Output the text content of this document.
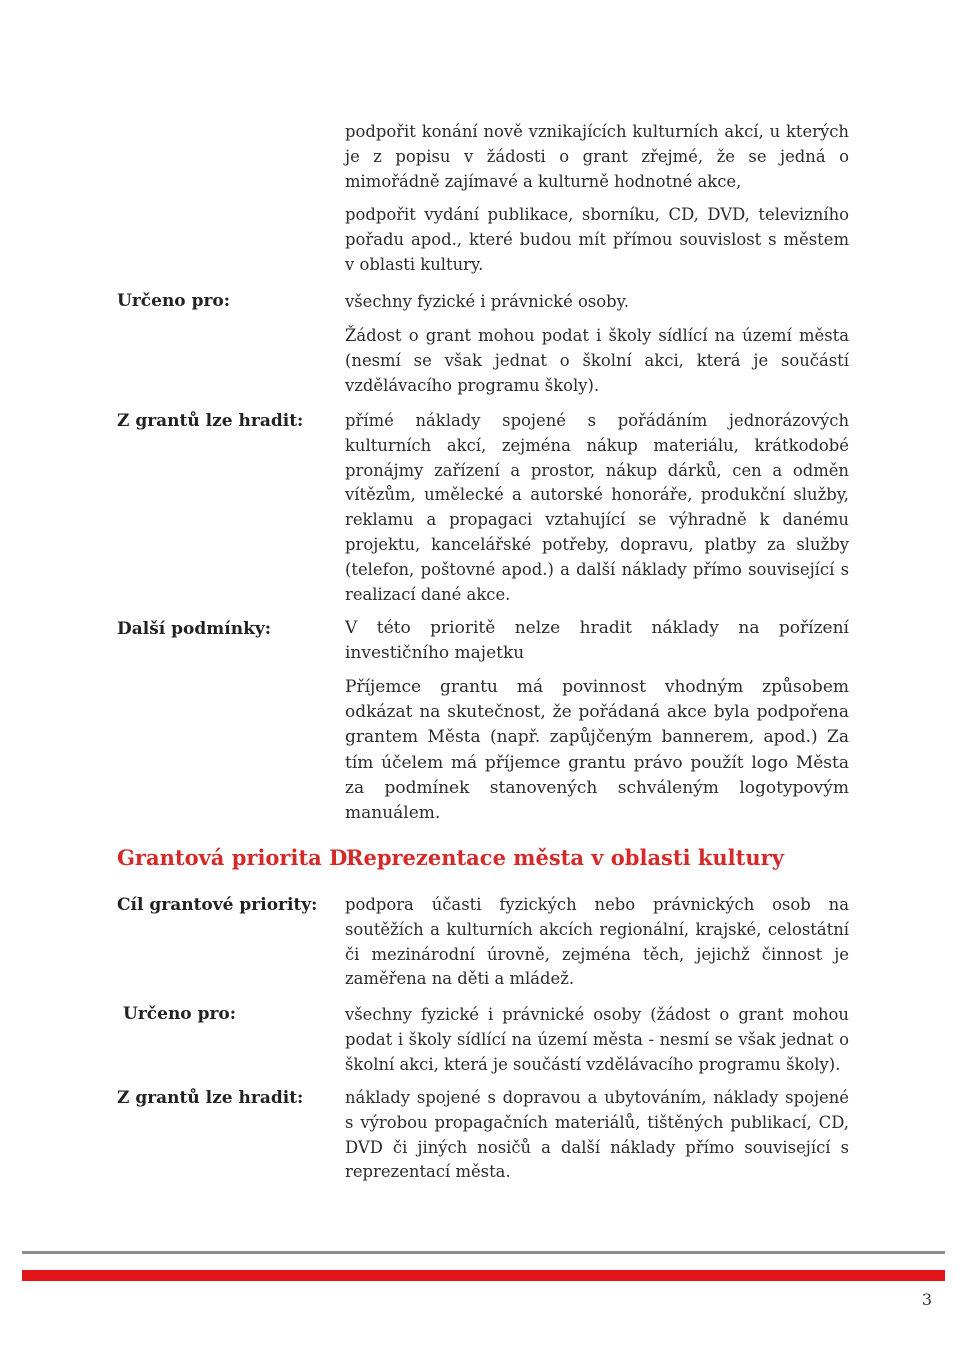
podpořit konání nově vznikajících kulturních akcí, u kterých je z popisu v žádosti o grant zřejmé, že se jedná o mimořádně zajímavé a kulturně hodnotné akce,

podpořit vydání publikace, sborníku, CD, DVD, televizního pořadu apod., které budou mít přímou souvislost s městem v oblasti kultury.

Určeno pro:	všechny fyzické i právnické osoby.

Žádost o grant mohou podat i školy sídlící na území města (nesmí se však jednat o školní akci, která je součástí vzdělávacího programu školy).

Z grantů lze hradit:	přímé náklady spojené s pořádáním jednorázových kulturních akcí, zejména nákup materiálu, krátkodobé pronájmy zařízení a prostor, nákup dárků, cen a odměn vítězům, umělecké a autorské honoráře, produkční služby, reklamu a propagaci vztahující se výhradně k danému projektu, kancelářské potřeby, dopravu, platby za služby (telefon, poštovné apod.) a další náklady přímo související s realizací dané akce.

Další podmínky:	V této prioritě nelze hradit náklady na pořízení investičního majetku

Příjemce grantu má povinnost vhodným způsobem odkázat na skutečnost, že pořádaná akce byla podpořena grantem Města (např. zapůjčeným bannerem, apod.) Za tím účelem má příjemce grantu právo použít logo Města za podmínek stanovených schváleným logotypovým manuálem.

Grantová priorita D:
Reprezentace města v oblasti kultury
Cíl grantové priority:	podpora účasti fyzických nebo právnických osob na soutěžích a kulturních akcích regionální, krajské, celostátní či mezinárodní úrovně, zejména těch, jejichž činnost je zaměřena na děti a mládež.

Určeno pro:	všechny fyzické i právnické osoby (žádost o grant mohou podat i školy sídlící na území města - nesmí se však jednat o školní akci, která je součástí vzdělávacího programu školy).

Z grantů lze hradit:	náklady spojené s dopravou a ubytováním, náklady spojené s výrobou propagačních materiálů, tištěných publikací, CD, DVD či jiných nosičů a další náklady přímo související s reprezentací města.

3
